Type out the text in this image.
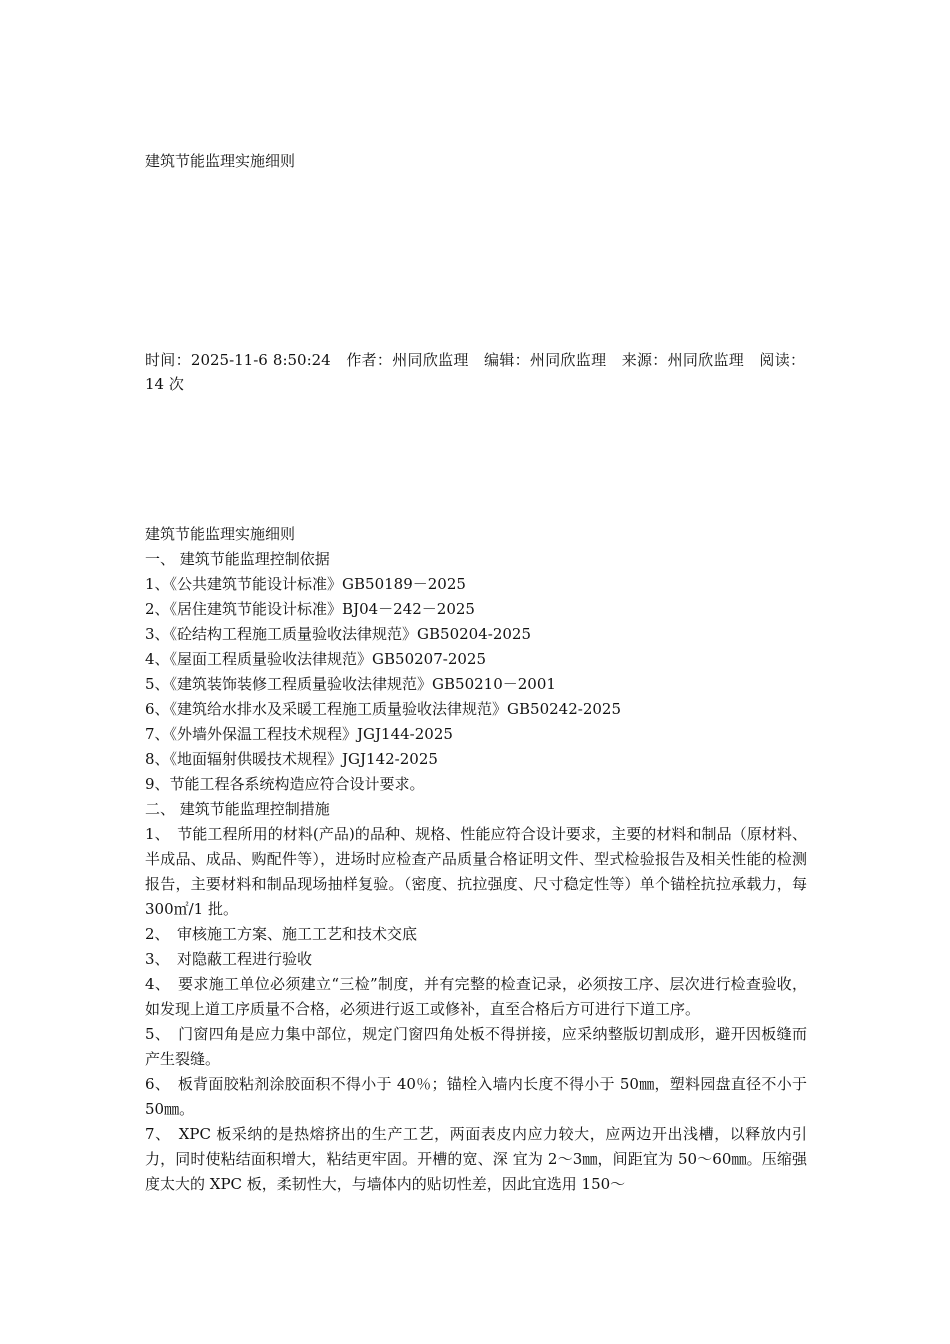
建筑节能监理实施细则
时间：2025-11-6 8:50:24　作者：州同欣监理　编辑：州同欣监理　来源：州同欣监理　阅读：14 次
建筑节能监理实施细则
一、 建筑节能监理控制依据
1、《公共建筑节能设计标准》GB50189－2025
2、《居住建筑节能设计标准》BJ04－242－2025
3、《砼结构工程施工质量验收法律规范》GB50204-2025
4、《屋面工程质量验收法律规范》GB50207-2025
5、《建筑装饰装修工程质量验收法律规范》GB50210－2001
6、《建筑给水排水及采暖工程施工质量验收法律规范》GB50242-2025
7、《外墙外保温工程技术规程》JGJ144-2025
8、《地面辐射供暖技术规程》JGJ142-2025
9、节能工程各系统构造应符合设计要求。
二、 建筑节能监理控制措施
1、　节能工程所用的材料(产品)的品种、规格、性能应符合设计要求，主要的材料和制品（原材料、半成品、成品、购配件等），进场时应检查产品质量合格证明文件、型式检验报告及相关性能的检测报告，主要材料和制品现场抽样复验。（密度、抗拉强度、尺寸稳定性等）单个锚栓抗拉承载力，每 300㎡/1 批。
2、　审核施工方案、施工工艺和技术交底
3、　对隐蔽工程进行验收
4、　要求施工单位必须建立“三检”制度，并有完整的检查记录，必须按工序、层次进行检查验收，如发现上道工序质量不合格，必须进行返工或修补，直至合格后方可进行下道工序。
5、　门窗四角是应力集中部位，规定门窗四角处板不得拼接，应采纳整版切割成形，避开因板缝而产生裂缝。
6、　板背面胶粘剂涂胶面积不得小于 40％；锚栓入墙内长度不得小于 50㎜，塑料园盘直径不小于 50㎜。
7、　XPC 板采纳的是热熔挤出的生产工艺，两面表皮内应力较大，应两边开出浅槽，以释放内引力，同时使粘结面积增大，粘结更牢固。开槽的宽、深 宜为 2～3㎜，间距宜为 50～60㎜。压缩强度太大的 XPC 板，柔韧性大，与墙体内的贴切性差，因此宜选用 150～
